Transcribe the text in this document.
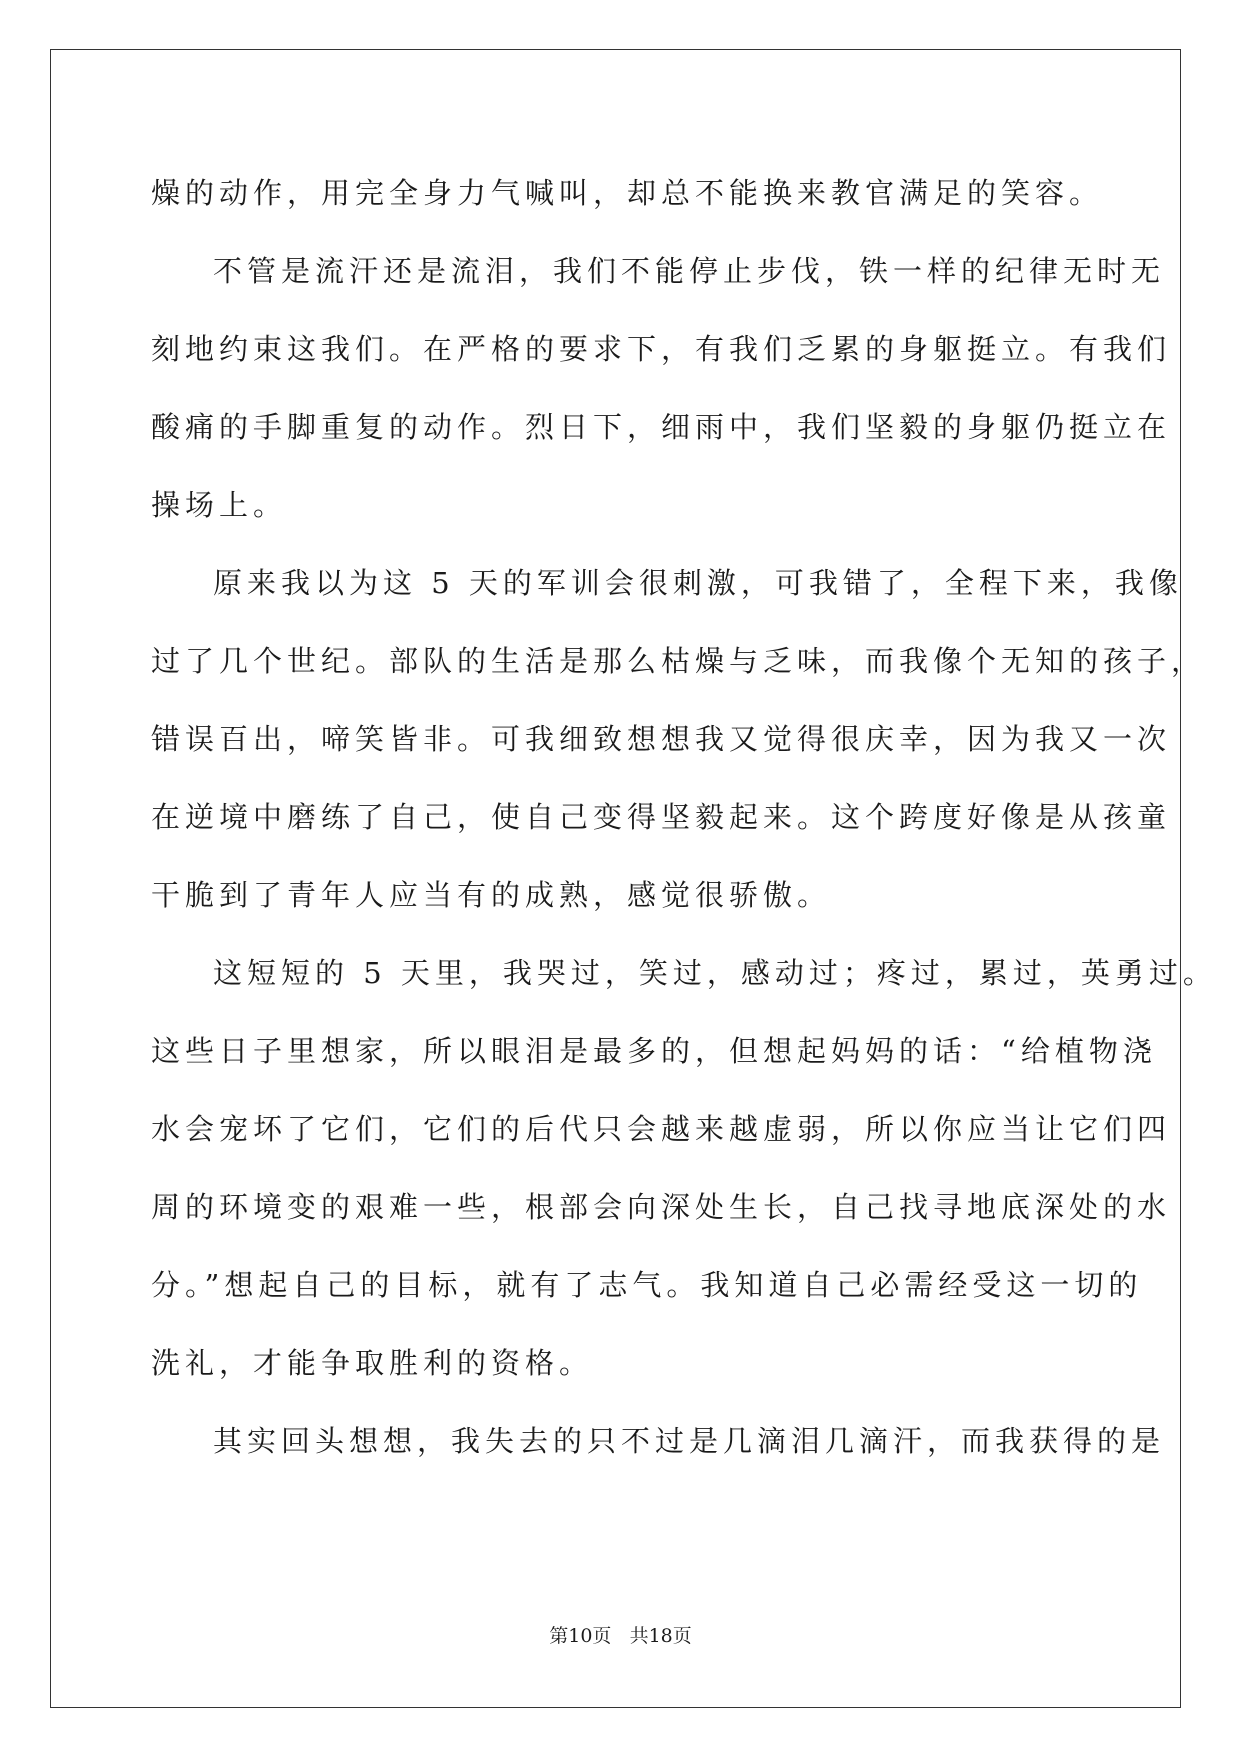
燥的动作，用完全身力气喊叫，却总不能换来教官满足的笑容。
不管是流汗还是流泪，我们不能停止步伐，铁一样的纪律无时无
刻地约束这我们。在严格的要求下，有我们乏累的身躯挺立。有我们
酸痛的手脚重复的动作。烈日下，细雨中，我们坚毅的身躯仍挺立在
操场上。
原来我以为这 5 天的军训会很刺激，可我错了，全程下来，我像
过了几个世纪。部队的生活是那么枯燥与乏味，而我像个无知的孩子，
错误百出，啼笑皆非。可我细致想想我又觉得很庆幸，因为我又一次
在逆境中磨练了自己，使自己变得坚毅起来。这个跨度好像是从孩童
干脆到了青年人应当有的成熟，感觉很骄傲。
这短短的 5 天里，我哭过，笑过，感动过；疼过，累过，英勇过。
这些日子里想家，所以眼泪是最多的，但想起妈妈的话：“给植物浇
水会宠坏了它们，它们的后代只会越来越虚弱，所以你应当让它们四
周的环境变的艰难一些，根部会向深处生长，自己找寻地底深处的水
分。”想起自己的目标，就有了志气。我知道自己必需经受这一切的
洗礼，才能争取胜利的资格。
其实回头想想，我失去的只不过是几滴泪几滴汗，而我获得的是
第10页 共18页
